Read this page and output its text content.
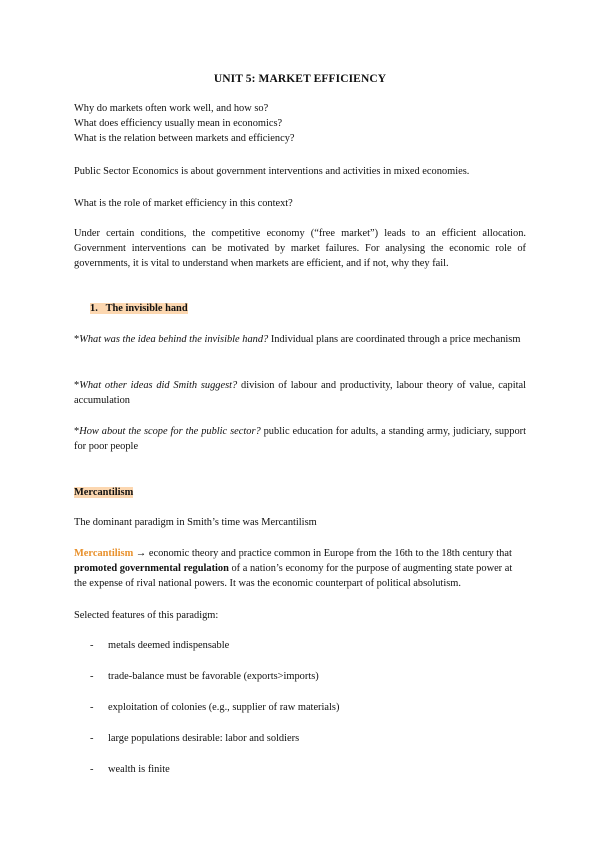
UNIT 5: MARKET EFFICIENCY

Why do markets often work well, and how so?
What does efficiency usually mean in economics?
What is the relation between markets and efficiency?

Public Sector Economics is about government interventions and activities in mixed economies.

What is the role of market efficiency in this context?

Under certain conditions, the competitive economy (“free market”) leads to an efficient allocation. Government interventions can be motivated by market failures. For analysing the economic role of governments, it is vital to understand when markets are efficient, and if not, why they fail.

1. The invisible hand

*What was the idea behind the invisible hand? Individual plans are coordinated through a price mechanism

*What other ideas did Smith suggest? division of labour and productivity, labour theory of value, capital accumulation

*How about the scope for the public sector? public education for adults, a standing army, judiciary, support for poor people

Mercantilism

The dominant paradigm in Smith’s time was Mercantilism

Mercantilism → economic theory and practice common in Europe from the 16th to the 18th century that promoted governmental regulation of a nation’s economy for the purpose of augmenting state power at the expense of rival national powers. It was the economic counterpart of political absolutism.

Selected features of this paradigm:

- metals deemed indispensable
- trade-balance must be favorable (exports>imports)
- exploitation of colonies (e.g., supplier of raw materials)
- large populations desirable: labor and soldiers
- wealth is finite
